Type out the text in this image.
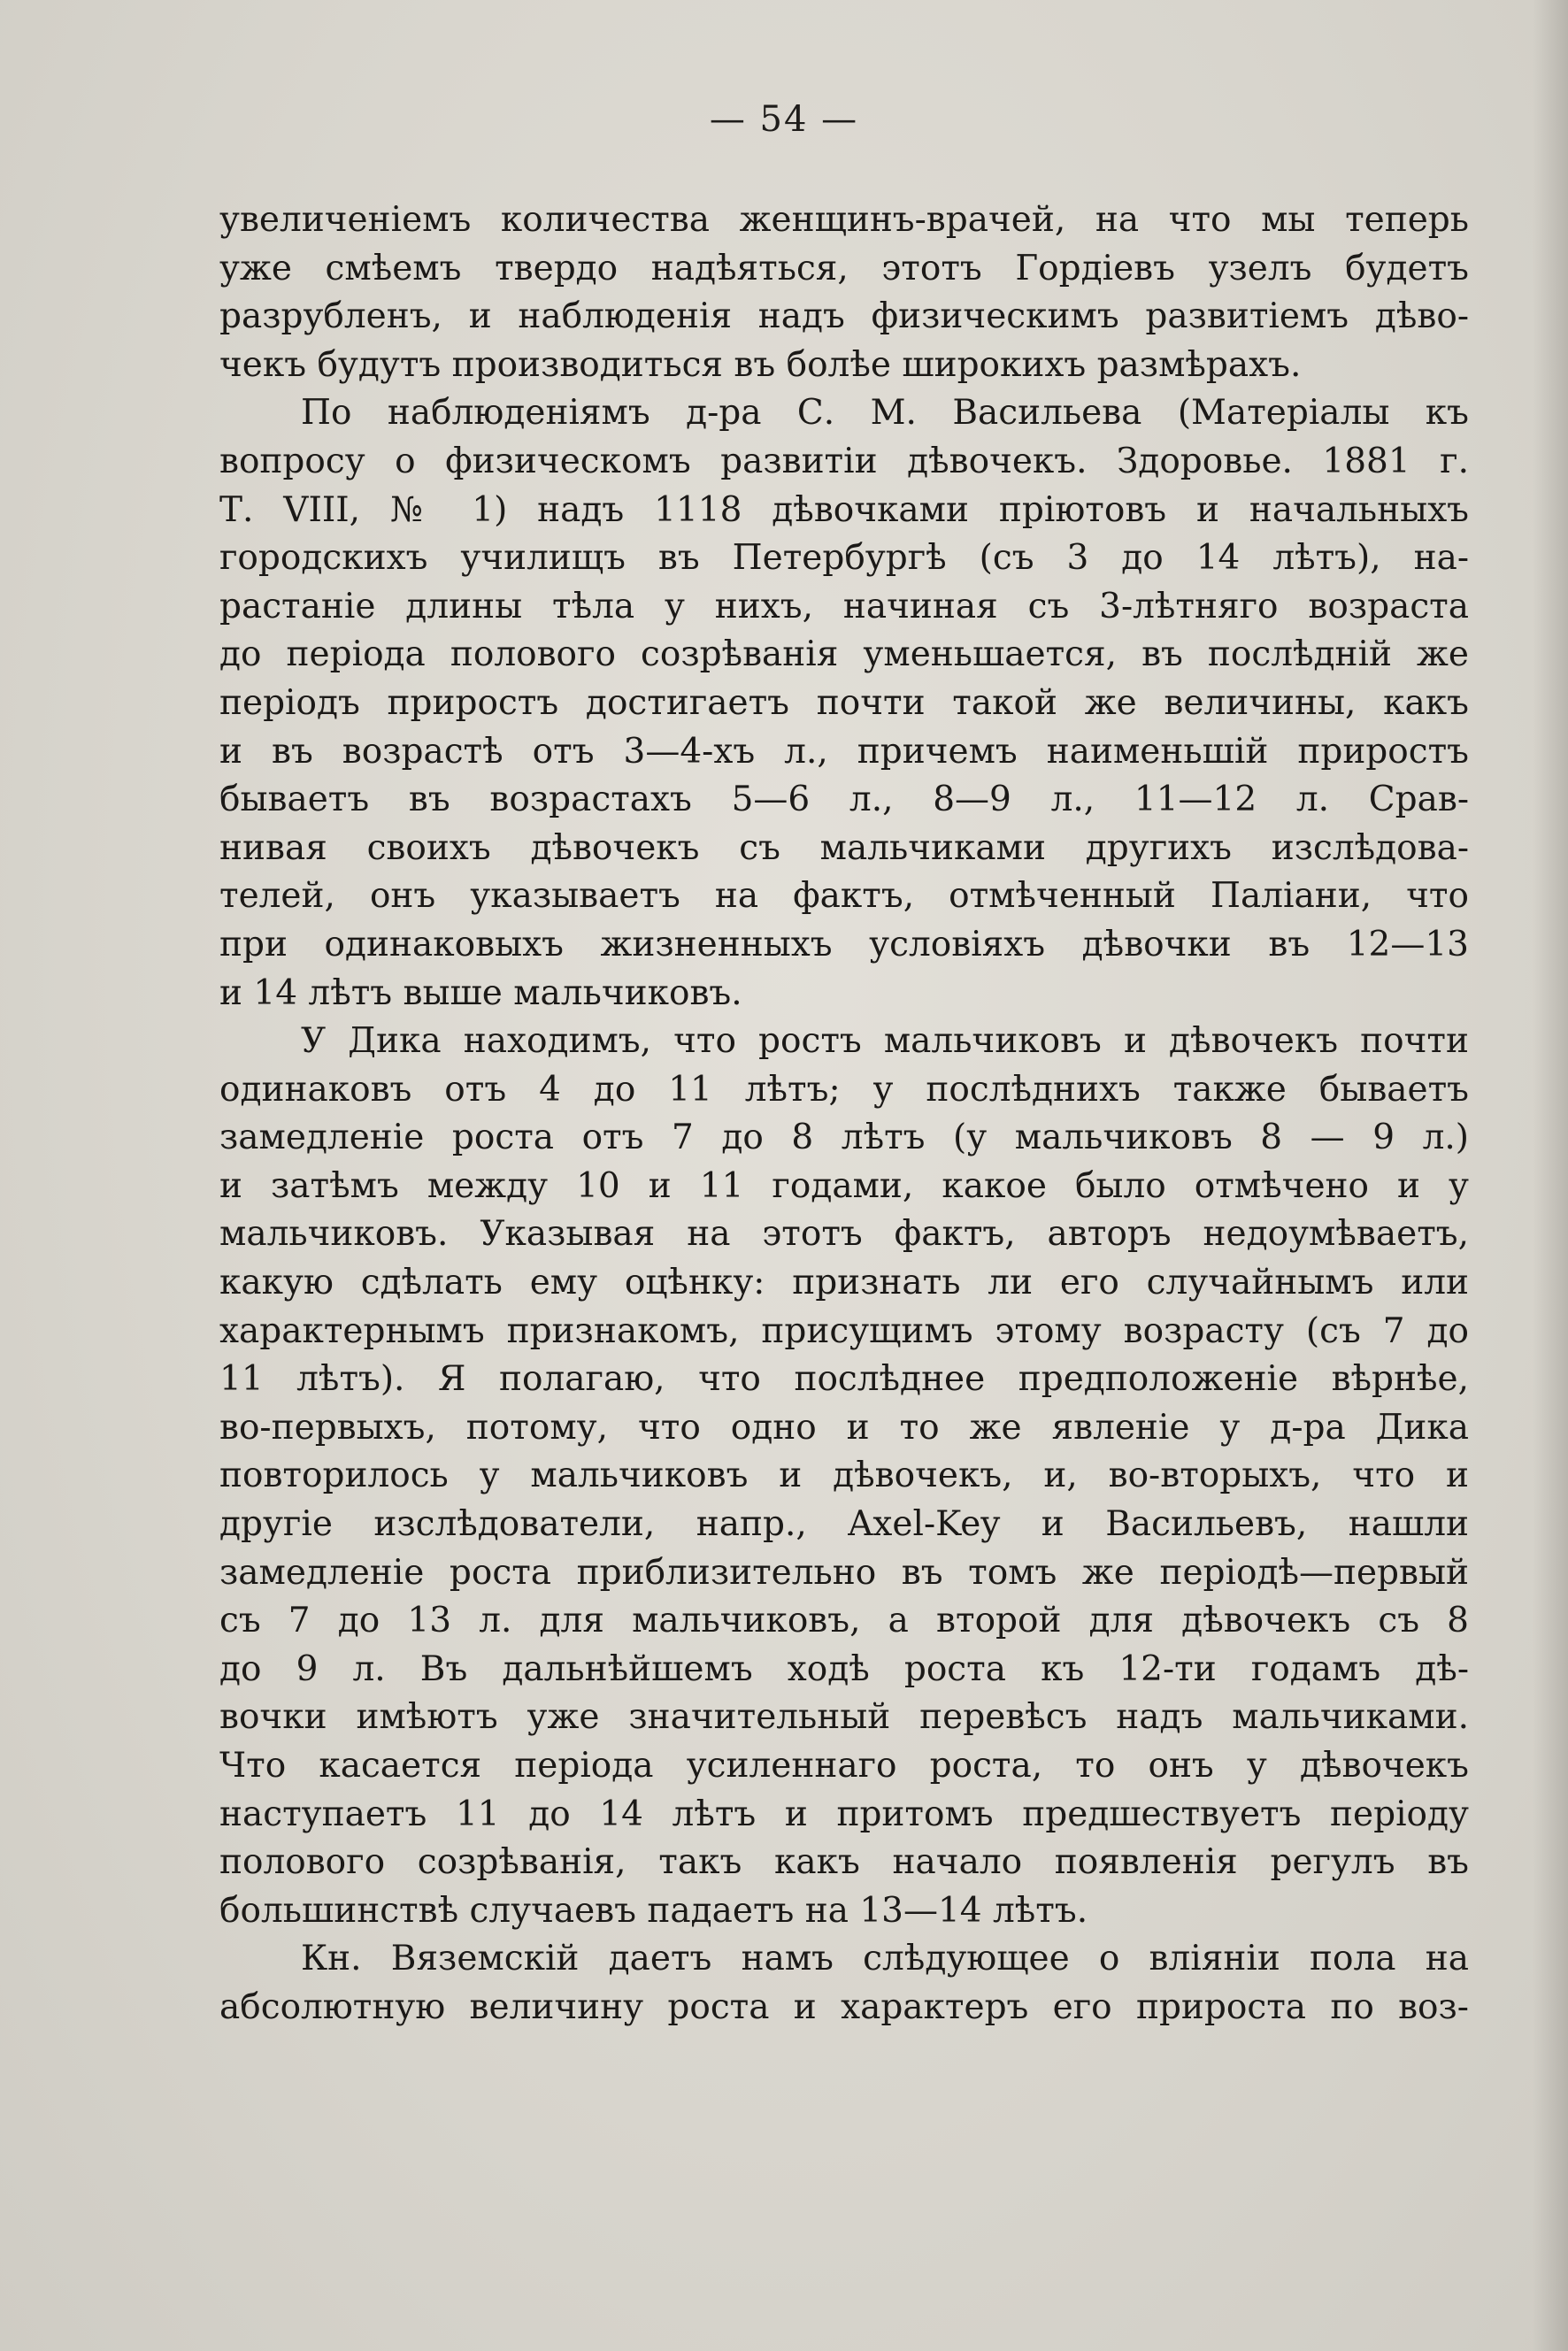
— 54 —
увеличеніемъ количества женщинъ-врачей, на что мы теперь
уже смѣемъ твердо надѣяться, этотъ Гордіевъ узелъ будетъ
разрубленъ, и наблюденія надъ физическимъ развитіемъ дѣво-
чекъ будутъ производиться въ болѣе широкихъ размѣрахъ.
По наблюденіямъ д-ра С. М. Васильева (Матеріалы къ
вопросу о физическомъ развитіи дѣвочекъ. Здоровье. 1881 г.
Т. VIII, № 1) надъ 1118 дѣвочками пріютовъ и начальныхъ
городскихъ училищъ въ Петербургѣ (съ 3 до 14 лѣтъ), на-
растаніе длины тѣла у нихъ, начиная съ 3-лѣтняго возраста
до періода полового созрѣванія уменьшается, въ послѣдній же
періодъ приростъ достигаетъ почти такой же величины, какъ
и въ возрастѣ отъ 3—4-хъ л., причемъ наименьшій приростъ
бываетъ въ возрастахъ 5—6 л., 8—9 л., 11—12 л. Срав-
нивая своихъ дѣвочекъ съ мальчиками другихъ изслѣдова-
телей, онъ указываетъ на фактъ, отмѣченный Паліани, что
при одинаковыхъ жизненныхъ условіяхъ дѣвочки въ 12—13
и 14 лѣтъ выше мальчиковъ.
У Дика находимъ, что ростъ мальчиковъ и дѣвочекъ почти
одинаковъ отъ 4 до 11 лѣтъ; у послѣднихъ также бываетъ
замедленіе роста отъ 7 до 8 лѣтъ (у мальчиковъ 8 — 9 л.)
и затѣмъ между 10 и 11 годами, какое было отмѣчено и у
мальчиковъ. Указывая на этотъ фактъ, авторъ недоумѣваетъ,
какую сдѣлать ему оцѣнку: признать ли его случайнымъ или
характернымъ признакомъ, присущимъ этому возрасту (съ 7 до
11 лѣтъ). Я полагаю, что послѣднее предположеніе вѣрнѣе,
во-первыхъ, потому, что одно и то же явленіе у д-ра Дика
повторилось у мальчиковъ и дѣвочекъ, и, во-вторыхъ, что и
другіе изслѣдователи, напр., Axel-Key и Васильевъ, нашли
замедленіе роста приблизительно въ томъ же періодѣ—первый
съ 7 до 13 л. для мальчиковъ, а второй для дѣвочекъ съ 8
до 9 л. Въ дальнѣйшемъ ходѣ роста къ 12-ти годамъ дѣ-
вочки имѣютъ уже значительный перевѣсъ надъ мальчиками.
Что касается періода усиленнаго роста, то онъ у дѣвочекъ
наступаетъ 11 до 14 лѣтъ и притомъ предшествуетъ періоду
полового созрѣванія, такъ какъ начало появленія регулъ въ
большинствѣ случаевъ падаетъ на 13—14 лѣтъ.
Кн. Вяземскій даетъ намъ слѣдующее о вліяніи пола на
абсолютную величину роста и характеръ его прироста по воз-
